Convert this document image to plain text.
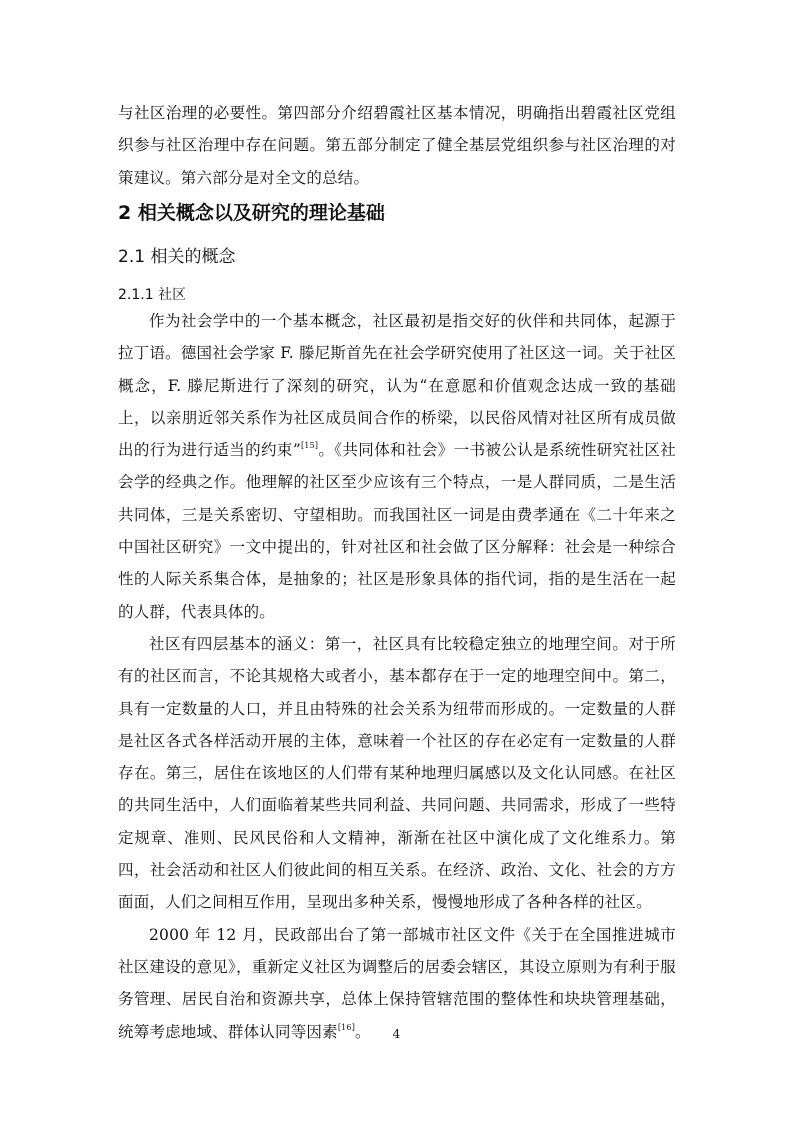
与社区治理的必要性。第四部分介绍碧霞社区基本情况，明确指出碧霞社区党组织参与社区治理中存在问题。第五部分制定了健全基层党组织参与社区治理的对策建议。第六部分是对全文的总结。

2 相关概念以及研究的理论基础
2.1 相关的概念
2.1.1 社区

作为社会学中的一个基本概念，社区最初是指交好的伙伴和共同体，起源于拉丁语。德国社会学家 F. 滕尼斯首先在社会学研究使用了社区这一词。关于社区概念，F. 滕尼斯进行了深刻的研究，认为“在意愿和价值观念达成一致的基础上，以亲朋近邻关系作为社区成员间合作的桥梁，以民俗风情对社区所有成员做出的行为进行适当的约束”[15]。《共同体和社会》一书被公认是系统性研究社区社会学的经典之作。他理解的社区至少应该有三个特点，一是人群同质，二是生活共同体，三是关系密切、守望相助。而我国社区一词是由费孝通在《二十年来之中国社区研究》一文中提出的，针对社区和社会做了区分解释：社会是一种综合性的人际关系集合体，是抽象的；社区是形象具体的指代词，指的是生活在一起的人群，代表具体的。

社区有四层基本的涵义：第一，社区具有比较稳定独立的地理空间。对于所有的社区而言，不论其规格大或者小，基本都存在于一定的地理空间中。第二，具有一定数量的人口，并且由特殊的社会关系为纽带而形成的。一定数量的人群是社区各式各样活动开展的主体，意味着一个社区的存在必定有一定数量的人群存在。第三，居住在该地区的人们带有某种地理归属感以及文化认同感。在社区的共同生活中，人们面临着某些共同利益、共同问题、共同需求，形成了一些特定规章、准则、民风民俗和人文精神，渐渐在社区中演化成了文化维系力。第四，社会活动和社区人们彼此间的相互关系。在经济、政治、文化、社会的方方面面，人们之间相互作用，呈现出多种关系，慢慢地形成了各种各样的社区。

2000 年 12 月，民政部出台了第一部城市社区文件《关于在全国推进城市社区建设的意见》，重新定义社区为调整后的居委会辖区，其设立原则为有利于服务管理、居民自治和资源共享，总体上保持管辖范围的整体性和块块管理基础，统筹考虑地域、群体认同等因素[16]。	4
